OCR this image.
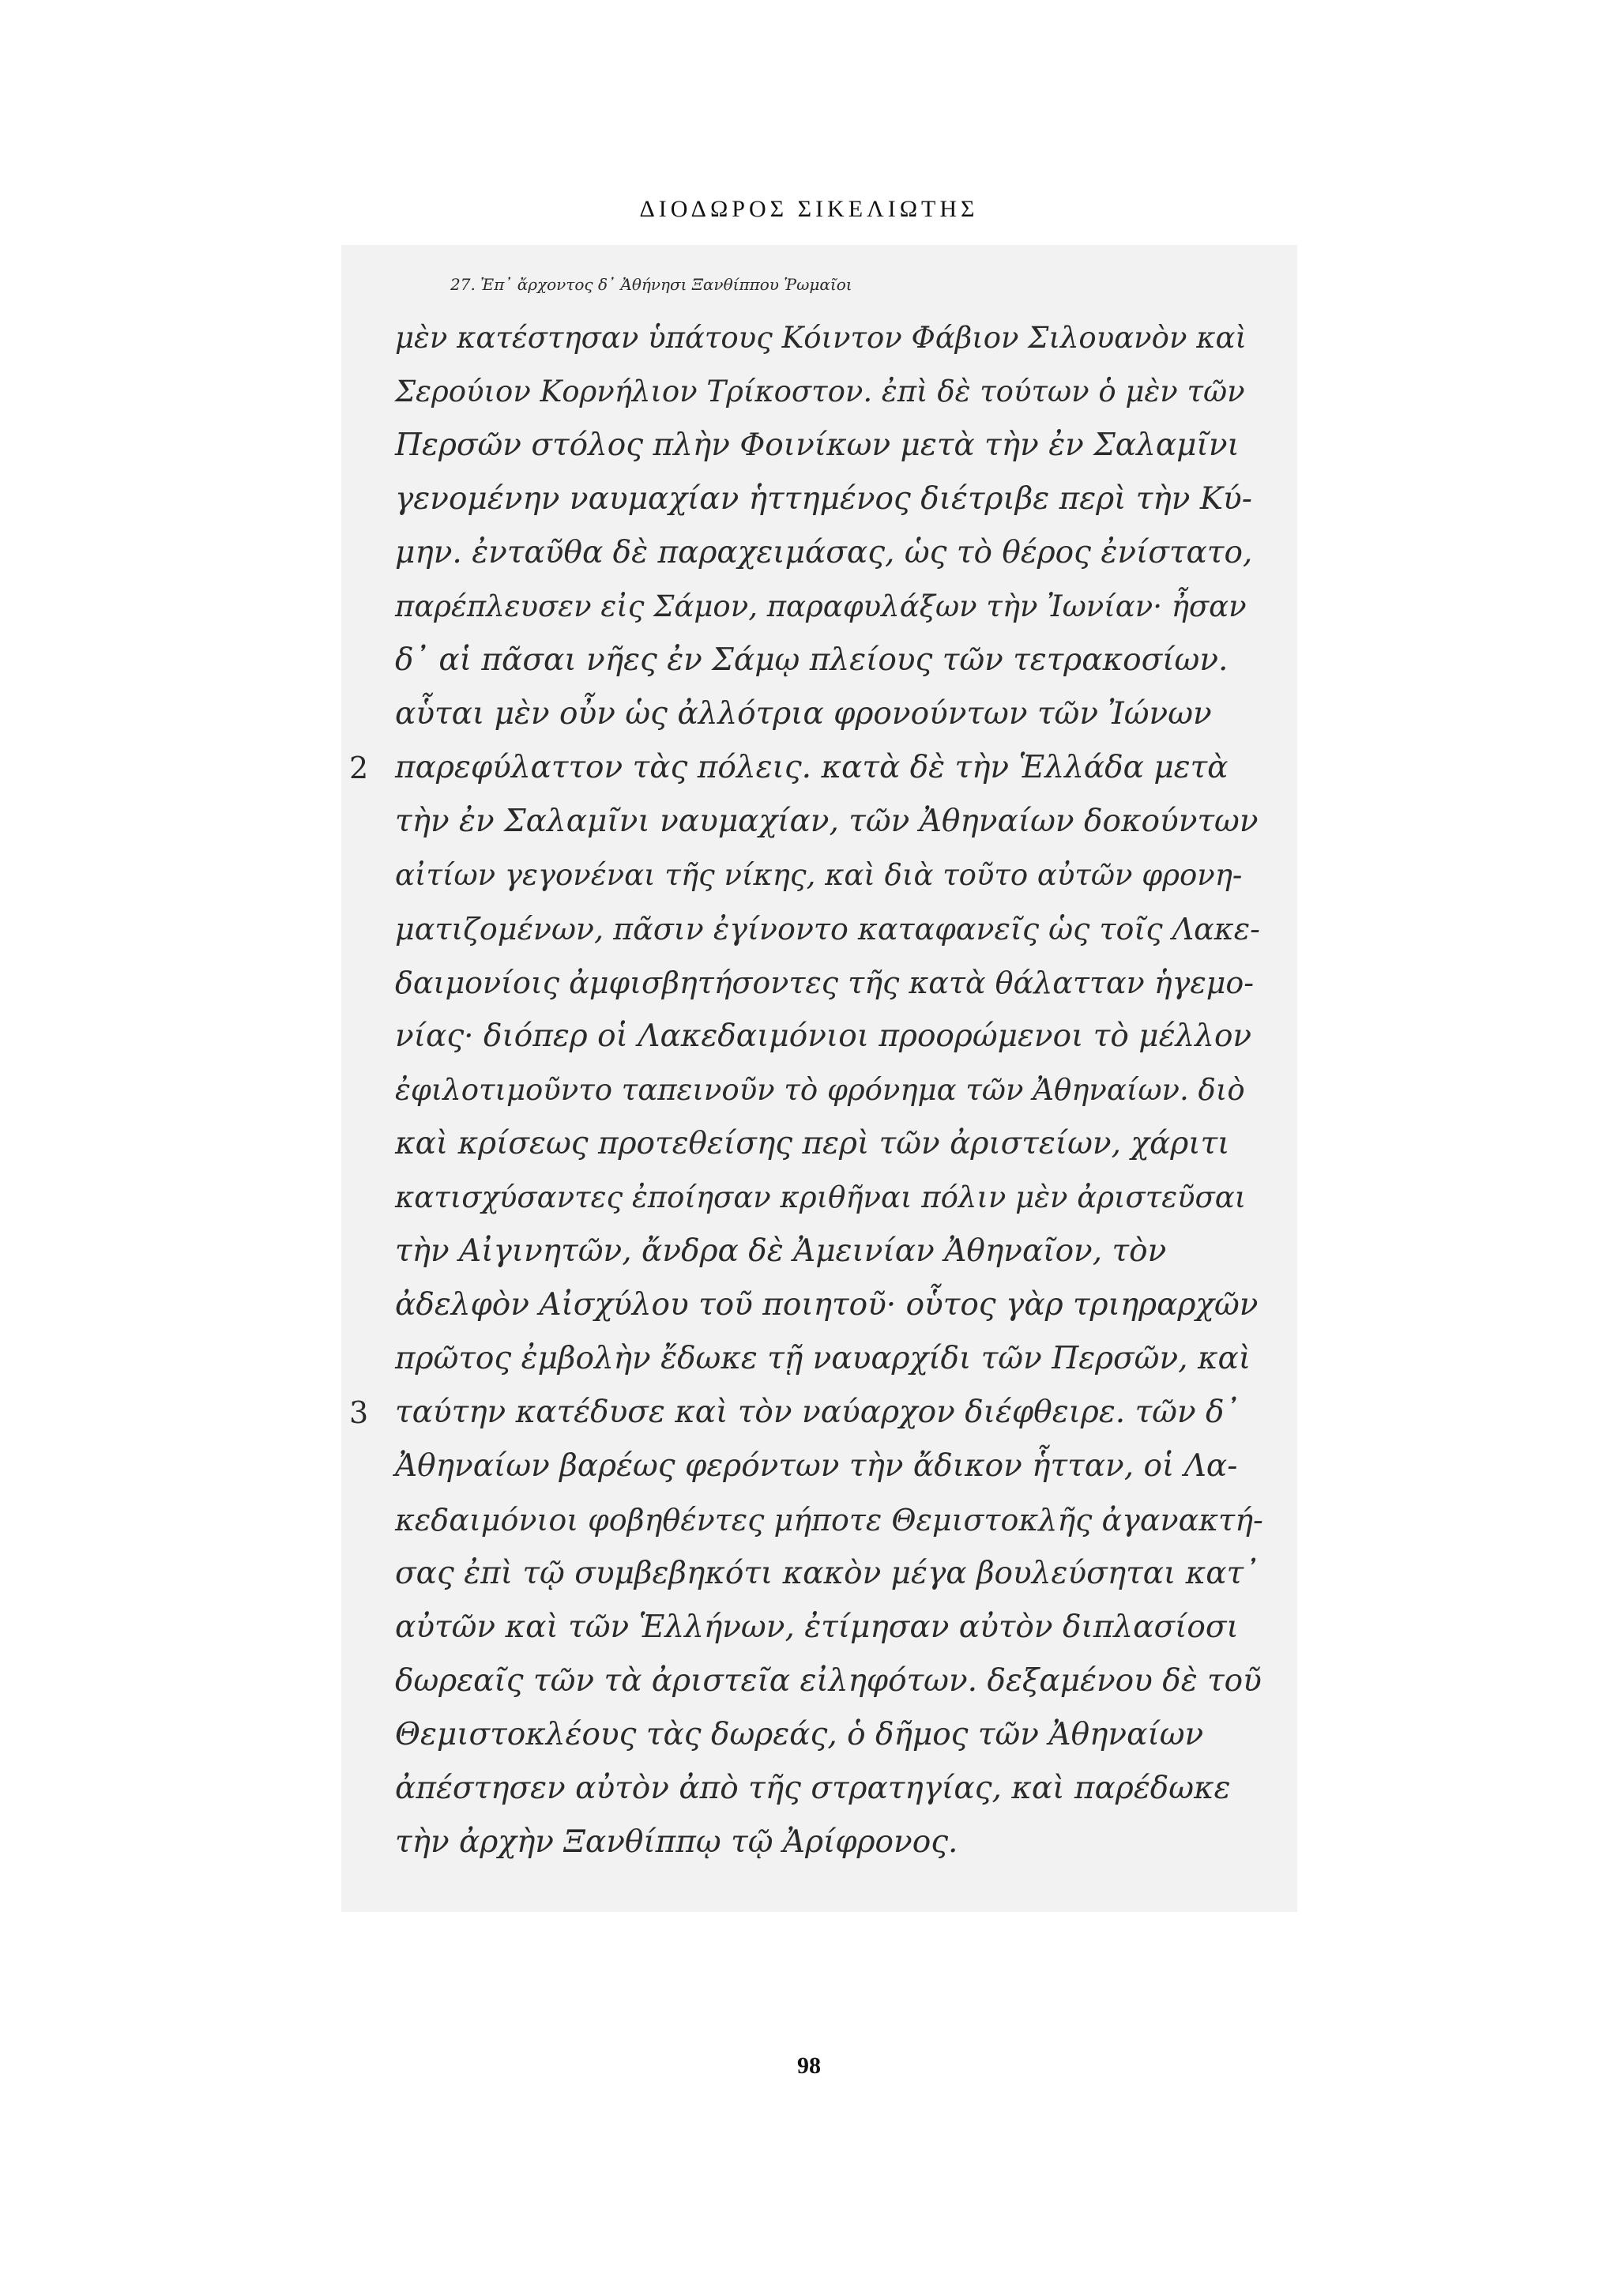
ΔΙΟΔΩΡΟΣ ΣΙΚΕΛΙΩΤΗΣ
27. Ἐπ᾽ ἄρχοντος δ᾽ Ἀθήνησι Ξανθίππου Ῥωμαῖοι
μὲν κατέστησαν ὑπάτους Κόιντον Φάβιον Σιλουανὸν καὶ
Σερούιον Κορνήλιον Τρίκοστον. ἐπὶ δὲ τούτων ὁ μὲν τῶν
Περσῶν στόλος πλὴν Φοινίκων μετὰ τὴν ἐν Σαλαμῖνι
γενομένην ναυμαχίαν ἡττημένος διέτριβε περὶ τὴν Κύ-
μην. ἐνταῦθα δὲ παραχειμάσας, ὡς τὸ θέρος ἐνίστατο,
παρέπλευσεν εἰς Σάμον, παραφυλάξων τὴν Ἰωνίαν· ἦσαν
δ᾽ αἱ πᾶσαι νῆες ἐν Σάμῳ πλείους τῶν τετρακοσίων.
αὗται μὲν οὖν ὡς ἀλλότρια φρονούντων τῶν Ἰώνων
2 παρεφύλαττον τὰς πόλεις. κατὰ δὲ τὴν Ἑλλάδα μετὰ
τὴν ἐν Σαλαμῖνι ναυμαχίαν, τῶν Ἀθηναίων δοκούντων
αἰτίων γεγονέναι τῆς νίκης, καὶ διὰ τοῦτο αὐτῶν φρονη-
ματιζομένων, πᾶσιν ἐγίνοντο καταφανεῖς ὡς τοῖς Λακε-
δαιμονίοις ἀμφισβητήσοντες τῆς κατὰ θάλατταν ἡγεμο-
νίας· διόπερ οἱ Λακεδαιμόνιοι προορώμενοι τὸ μέλλον
ἐφιλοτιμοῦντο ταπεινοῦν τὸ φρόνημα τῶν Ἀθηναίων. διὸ
καὶ κρίσεως προτεθείσης περὶ τῶν ἀριστείων, χάριτι
κατισχύσαντες ἐποίησαν κριθῆναι πόλιν μὲν ἀριστεῦσαι
τὴν Αἰγινητῶν, ἄνδρα δὲ Ἀμεινίαν Ἀθηναῖον, τὸν
ἀδελφὸν Αἰσχύλου τοῦ ποιητοῦ· οὗτος γὰρ τριηραρχῶν
πρῶτος ἐμβολὴν ἔδωκε τῇ ναυαρχίδι τῶν Περσῶν, καὶ
3 ταύτην κατέδυσε καὶ τὸν ναύαρχον διέφθειρε. τῶν δ᾽
Ἀθηναίων βαρέως φερόντων τὴν ἄδικον ἧτταν, οἱ Λα-
κεδαιμόνιοι φοβηθέντες μήποτε Θεμιστοκλῆς ἀγανακτή-
σας ἐπὶ τῷ συμβεβηκότι κακὸν μέγα βουλεύσηται κατ᾽
αὐτῶν καὶ τῶν Ἑλλήνων, ἐτίμησαν αὐτὸν διπλασίοσι
δωρεαῖς τῶν τὰ ἀριστεῖα εἰληφότων. δεξαμένου δὲ τοῦ
Θεμιστοκλέους τὰς δωρεάς, ὁ δῆμος τῶν Ἀθηναίων
ἀπέστησεν αὐτὸν ἀπὸ τῆς στρατηγίας, καὶ παρέδωκε
τὴν ἀρχὴν Ξανθίππῳ τῷ Ἀρίφρονος.
98
